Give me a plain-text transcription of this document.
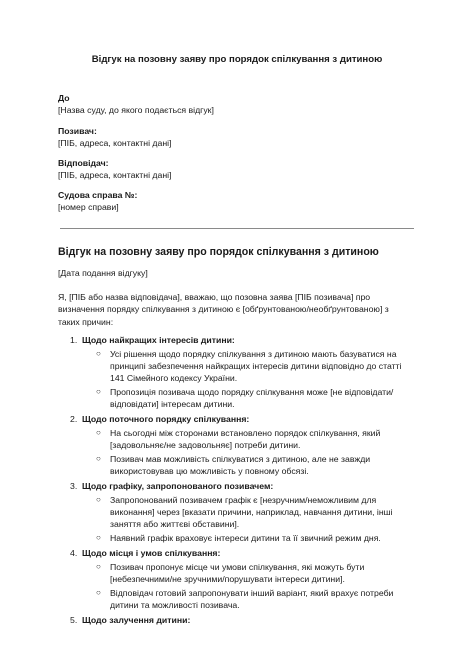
Відгук на позовну заяву про порядок спілкування з дитиною
До
[Назва суду, до якого подається відгук]
Позивач:
[ПІБ, адреса, контактні дані]
Відповідач:
[ПІБ, адреса, контактні дані]
Судова справа №:
[номер справи]
Відгук на позовну заяву про порядок спілкування з дитиною
[Дата подання відгуку]
Я, [ПІБ або назва відповідача], вважаю, що позовна заява [ПІБ позивача] про визначення порядку спілкування з дитиною є [обґрунтованою/необґрунтованою] з таких причин:
1. Щодо найкращих інтересів дитини:
○ Усі рішення щодо порядку спілкування з дитиною мають базуватися на принципі забезпечення найкращих інтересів дитини відповідно до статті 141 Сімейного кодексу України.
○ Пропозиція позивача щодо порядку спілкування може [не відповідати/відповідати] інтересам дитини.
2. Щодо поточного порядку спілкування:
○ На сьогодні між сторонами встановлено порядок спілкування, який [задовольняє/не задовольняє] потреби дитини.
○ Позивач мав можливість спілкуватися з дитиною, але не завжди використовував цю можливість у повному обсязі.
3. Щодо графіку, запропонованого позивачем:
○ Запропонований позивачем графік є [незручним/неможливим для виконання] через [вказати причини, наприклад, навчання дитини, інші заняття або життєві обставини].
○ Наявний графік враховує інтереси дитини та її звичний режим дня.
4. Щодо місця і умов спілкування:
○ Позивач пропонує місце чи умови спілкування, які можуть бути [небезпечними/не зручними/порушувати інтереси дитини].
○ Відповідач готовий запропонувати інший варіант, який врахує потреби дитини та можливості позивача.
5. Щодо залучення дитини:
